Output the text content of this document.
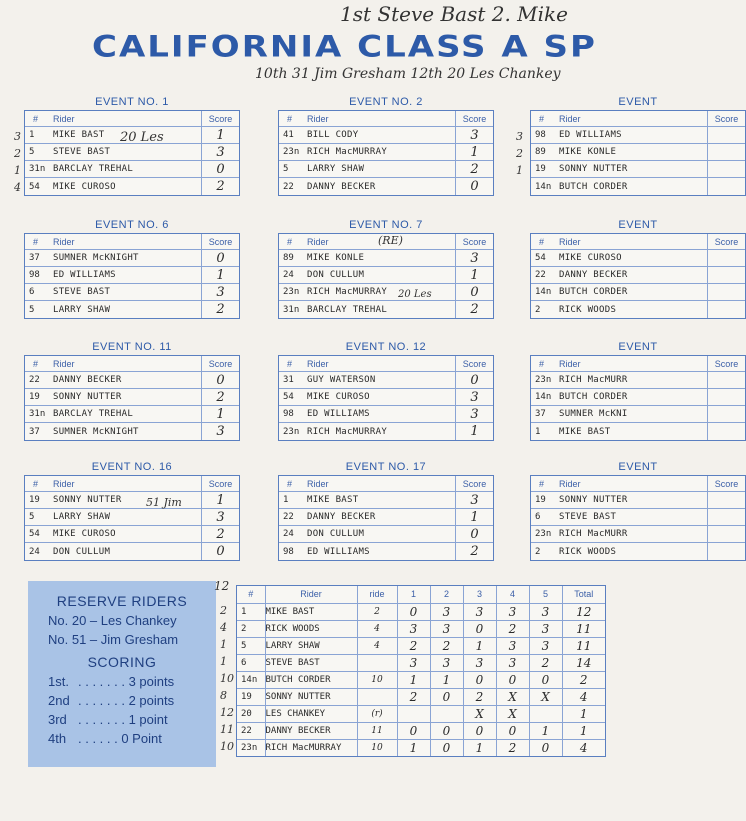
1st Steve Bast 2. Mike
10th 31 Jim Gresham 12th 20 Les Chankey
CALIFORNIA CLASS A SP
EVENT NO. 1
#	Rider	Score
1	MIKE BAST	1
5	STEVE BAST	3
31n BARCLAY TREHAL	0
54	MIKE CUROSO	2
EVENT NO. 2
#	Rider	Score
41	BILL CODY	3
23n RICH MacMURRAY	1
5	LARRY SHAW	2
22	DANNY BECKER	0
EVENT
#	Rider	Score
98	ED WILLIAMS
89	MIKE KONLE
19	SONNY NUTTER
14n BUTCH CORDER
EVENT NO. 6
#	Rider	Score
37	SUMNER McKNIGHT	0
98	ED WILLIAMS	1
6	STEVE BAST	3
5	LARRY SHAW	2
EVENT NO. 7
#	Rider	Score
89	MIKE KONLE	3
24	DON CULLUM	1
23n RICH MacMURRAY	0
31n BARCLAY TREHAL	2
EVENT
#	Rider	Score
54	MIKE CUROSO
22	DANNY BECKER
14n BUTCH CORDER
2	RICK WOODS
EVENT NO. 11
#	Rider	Score
22	DANNY BECKER	0
19	SONNY NUTTER	2
31n BARCLAY TREHAL	1
37	SUMNER McKNIGHT	3
EVENT NO. 12
#	Rider	Score
31	GUY WATERSON	0
54	MIKE CUROSO	3
98	ED WILLIAMS	3
23n RICH MacMURRAY	1
EVENT
#	Rider	Score
23n RICH MacMURR
14n BUTCH CORDER
37	SUMNER McKNI
1	MIKE BAST
EVENT NO. 16
#	Rider	Score
19	SONNY NUTTER	1
5	LARRY SHAW	3
54	MIKE CUROSO	2
24	DON CULLUM	0
EVENT NO. 17
#	Rider	Score
1	MIKE BAST	3
22	DANNY BECKER	1
24	DON CULLUM	0
98	ED WILLIAMS	2
EVENT
#	Rider	Score
19	SONNY NUTTER
6	STEVE BAST
23n RICH MacMURR
2	RICK WOODS
20 Les
(RE)
20 Les
51 Jim
RESERVE RIDERS
No. 20 – Les Chankey
No. 51 – Jim Gresham
SCORING
1st. . . . . . . . 3 points
2nd . . . . . . . 2 points
3rd . . . . . . . 1 point
4th . . . . . . 0 Point
12
#	Rider	ride	1	2	3	4	5	Total
1	MIKE BAST	2	0	3	3	3	3	12
2	RICK WOODS	4	3	3	0	2	3	11
5	LARRY SHAW	4	2	2	1	3	3	11
6	STEVE BAST		3	3	3	3	2	14
14n	BUTCH CORDER	10	1	1	0	0	0	2
19	SONNY NUTTER		2	0	2	X	X	4
20	LES CHANKEY	(r)			X	X		1
22	DANNY BECKER	11	0	0	0	0	1	1
23n	RICH MacMURRAY	10	1	0	1	2	0	4
3
2
1
4
3
2
1
2
4
1
1
10
8
12
11
10
